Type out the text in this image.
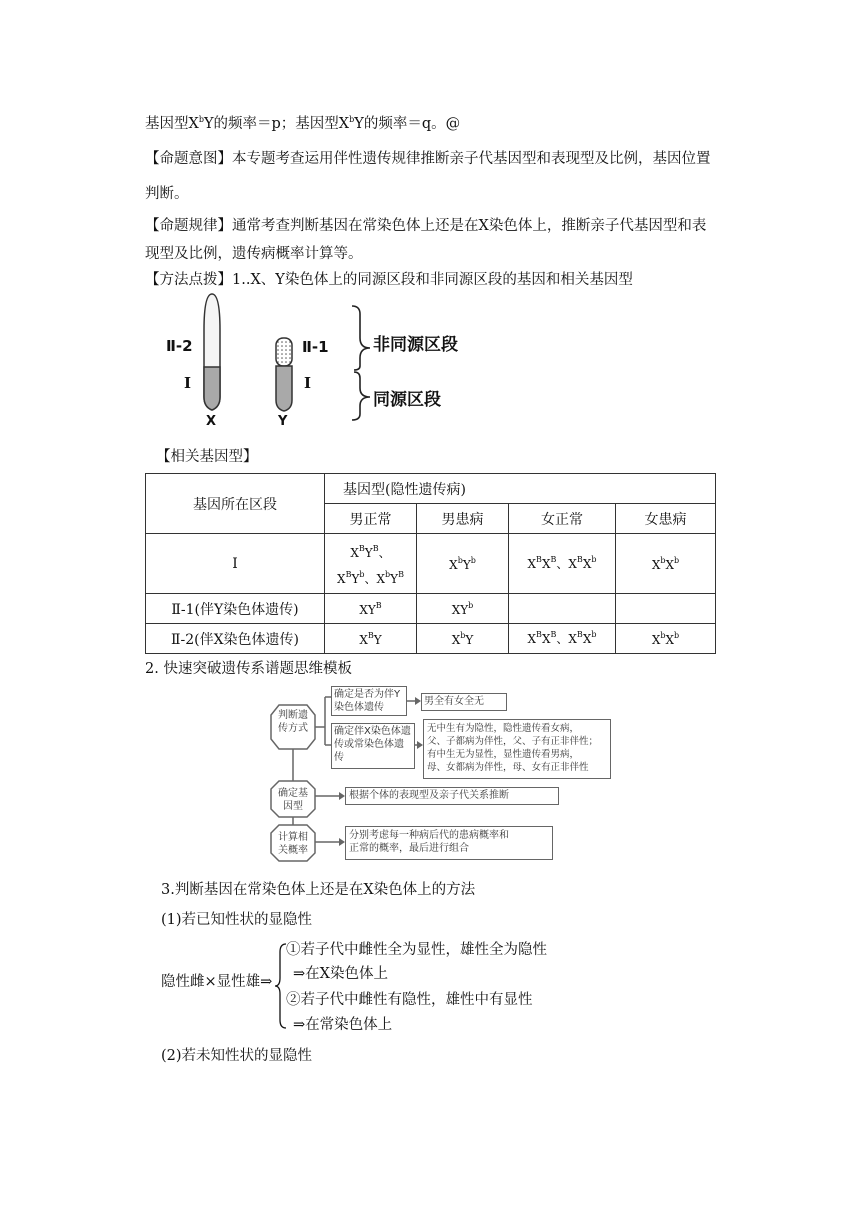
基因型$X^bY$的频率＝p；基因型$X^bY$的频率＝q。@
【命题意图】本专题考查运用伴性遗传规律推断亲子代基因型和表现型及比例，基因位置
判断。
【命题规律】通常考查判断基因在常染色体上还是在X染色体上，推断亲子代基因型和表
现型及比例，遗传病概率计算等。
【方法点拨】1..X、Y染色体上的同源区段和非同源区段的基因和相关基因型
Ⅱ-2
Ⅰ
X
Ⅱ-1
Ⅰ
Y
非同源区段
同源区段
【相关基因型】
基因所在区段	基因型(隐性遗传病)			
	男正常	男患病	女正常	女患病
Ⅰ	$X^BY^B$、
$X^BY^b$、$X^bY^B$	$X^bY^b$	$X^BX^B$、$X^BX^b$	$X^bX^b$
Ⅱ-1(伴Y染色体遗传)	$XY^B$	$XY^b$		
Ⅱ-2(伴X染色体遗传)	$X^BY$	$X^bY$	$X^BX^B$、$X^BX^b$	$X^bX^b$
2. 快速突破遗传系谱题思维模板
判断遗传方式
确定是否为伴Y染色体遗传
男全有女全无
确定伴X染色体遗传或常染色体遗传
无中生有为隐性，隐性遗传看女病，
父、子都病为伴性，父、子有正非伴性；
有中生无为显性，显性遗传看男病，
母、女都病为伴性，母、女有正非伴性
确定基因型
根据个体的表现型及亲子代关系推断
计算相关概率
分别考虑每一种病后代的患病概率和
正常的概率，最后进行组合
3.判断基因在常染色体上还是在X染色体上的方法
(1)若已知性状的显隐性
隐性雌×显性雄⇒
①若子代中雌性全为显性，雄性全为隐性
⇒在X染色体上
②若子代中雌性有隐性，雄性中有显性
⇒在常染色体上
(2)若未知性状的显隐性
